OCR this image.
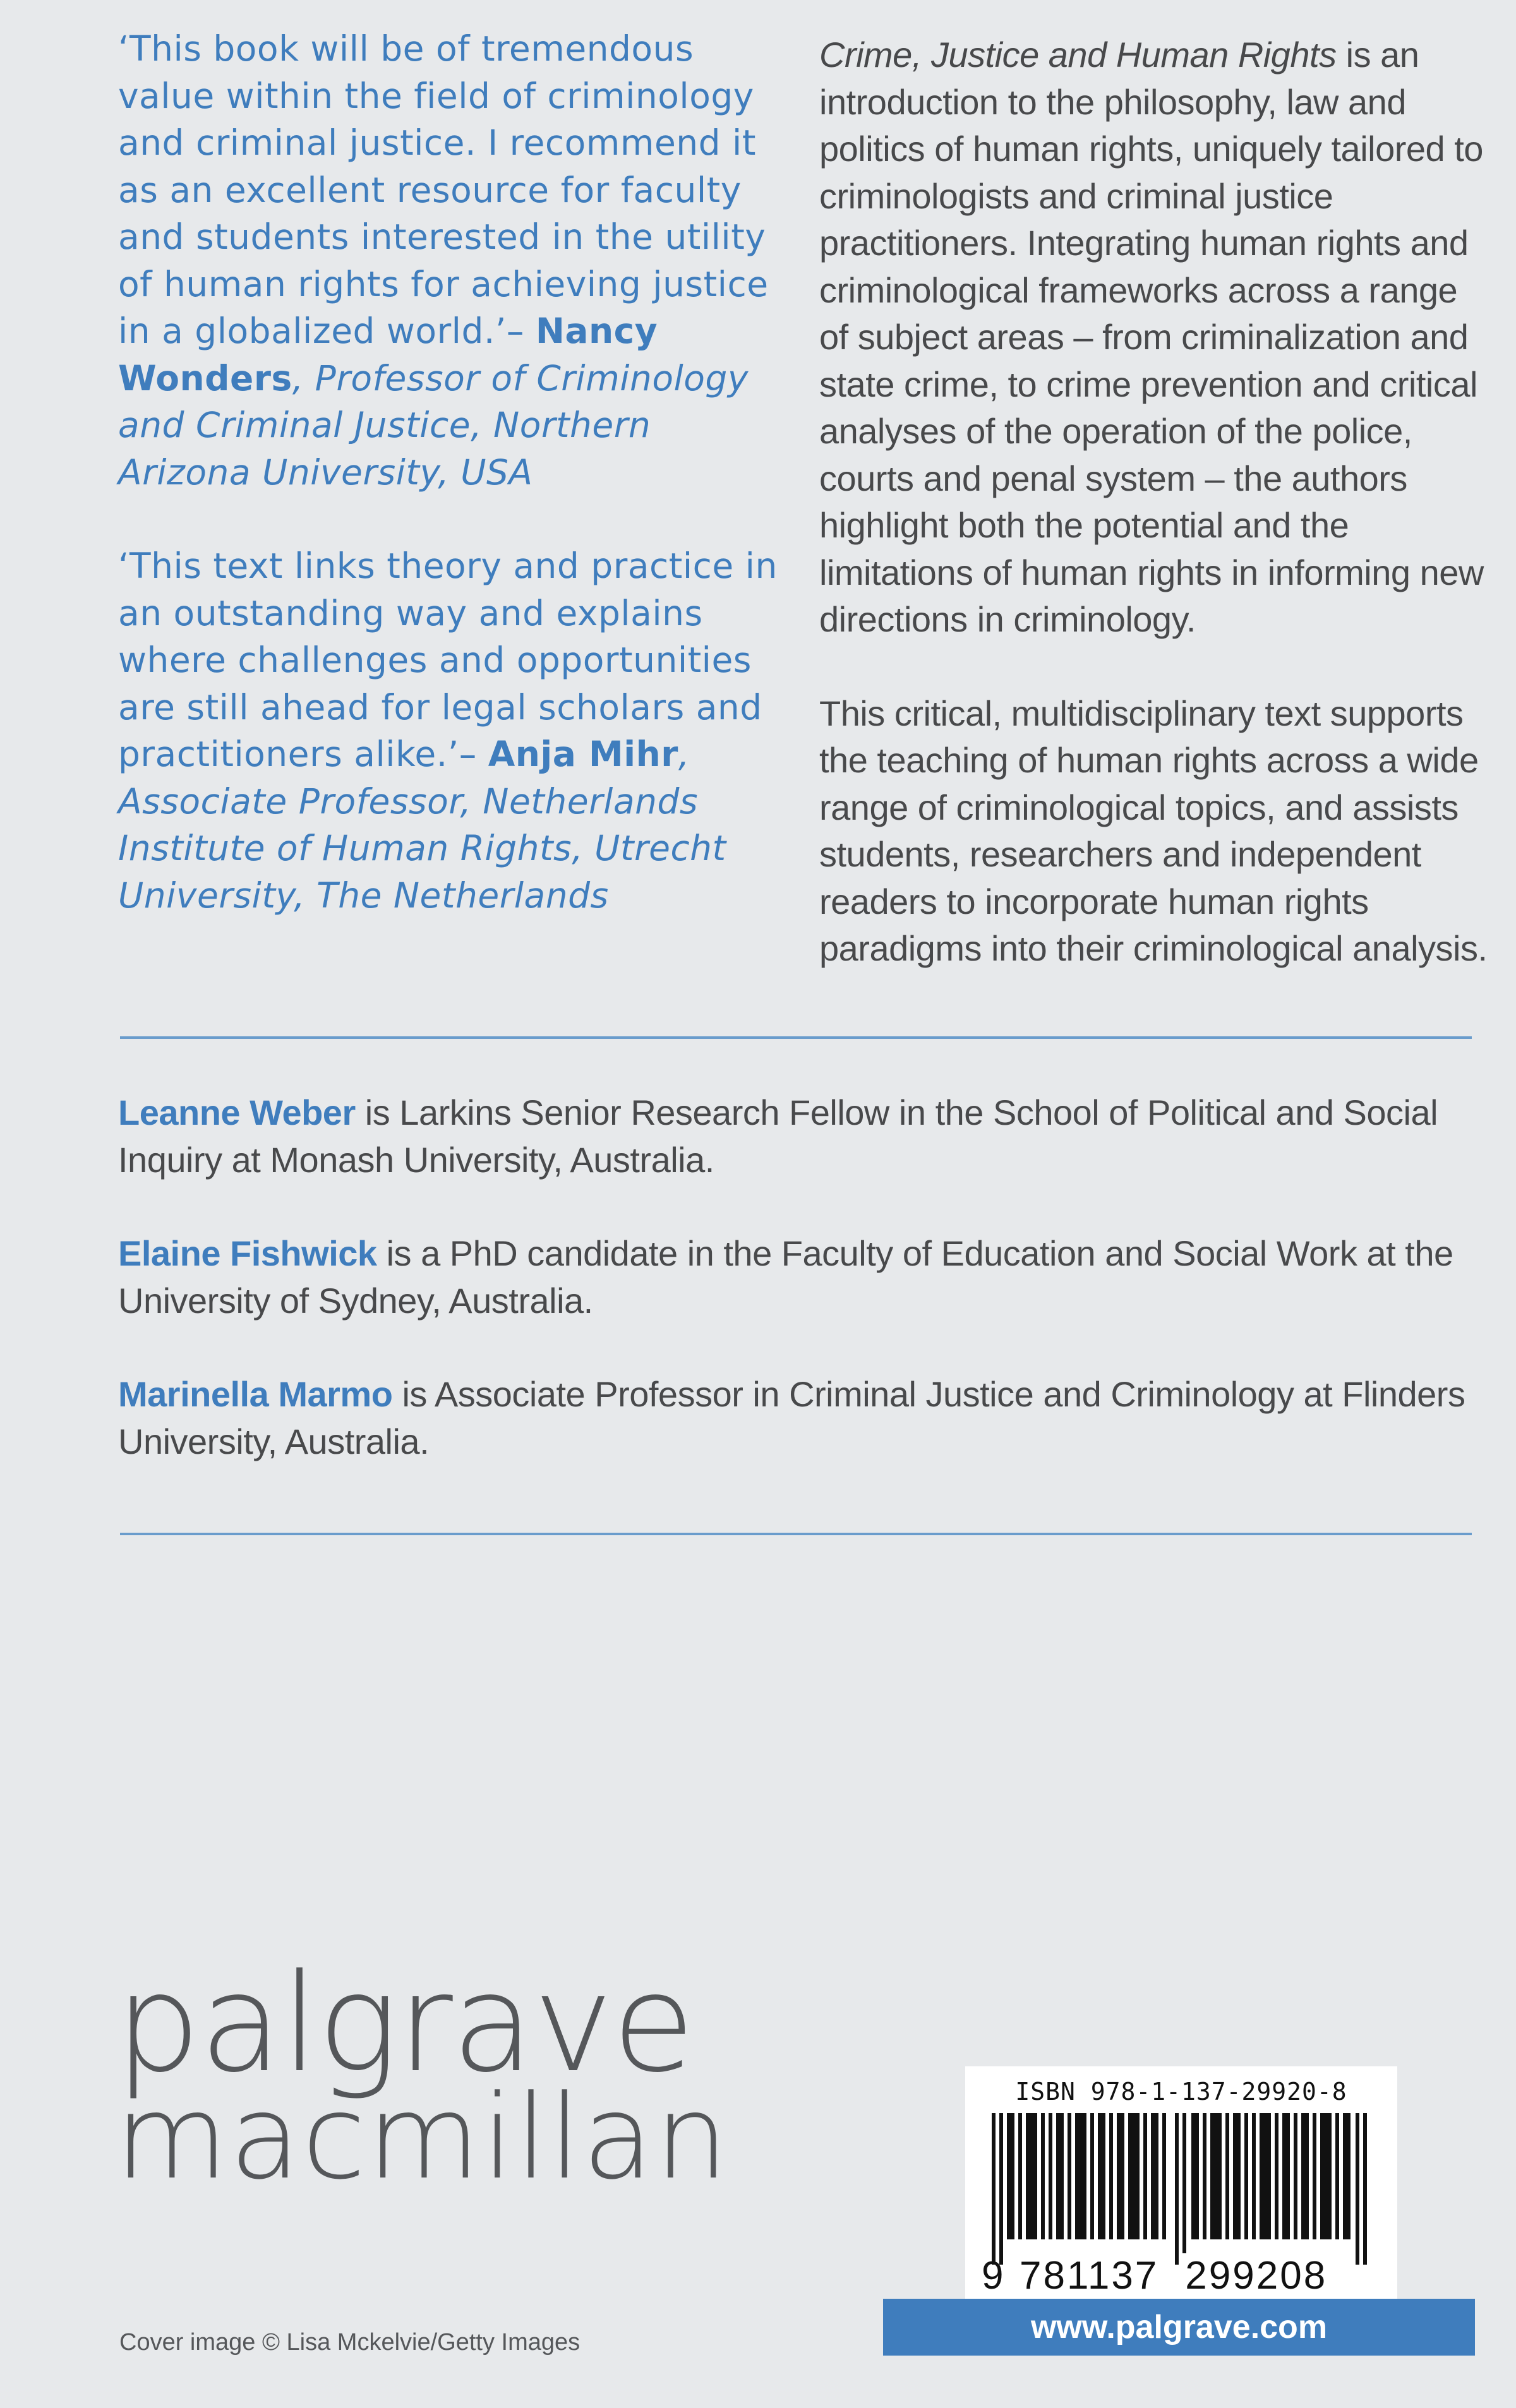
‘This book will be of tremendous value within the field of criminology and criminal justice. I recommend it as an excellent resource for faculty and students interested in the utility of human rights for achieving justice in a globalized world.’– Nancy Wonders, Professor of Criminology and Criminal Justice, Northern Arizona University, USA

‘This text links theory and practice in an outstanding way and explains where challenges and opportunities are still ahead for legal scholars and practitioners alike.’– Anja Mihr, Associate Professor, Netherlands Institute of Human Rights, Utrecht University, The Netherlands

Crime, Justice and Human Rights is an introduction to the philosophy, law and politics of human rights, uniquely tailored to criminologists and criminal justice practitioners. Integrating human rights and criminological frameworks across a range of subject areas – from criminalization and state crime, to crime prevention and critical analyses of the operation of the police, courts and penal system – the authors highlight both the potential and the limitations of human rights in informing new directions in criminology.

This critical, multidisciplinary text supports the teaching of human rights across a wide range of criminological topics, and assists students, researchers and independent readers to incorporate human rights paradigms into their criminological analysis.

Leanne Weber is Larkins Senior Research Fellow in the School of Political and Social Inquiry at Monash University, Australia.

Elaine Fishwick is a PhD candidate in the Faculty of Education and Social Work at the University of Sydney, Australia.

Marinella Marmo is Associate Professor in Criminal Justice and Criminology at Flinders University, Australia.

palgrave
macmillan
Cover image © Lisa Mckelvie/Getty Images
ISBN 978-1-137-29920-8
9 781137 299208
www.palgrave.com
